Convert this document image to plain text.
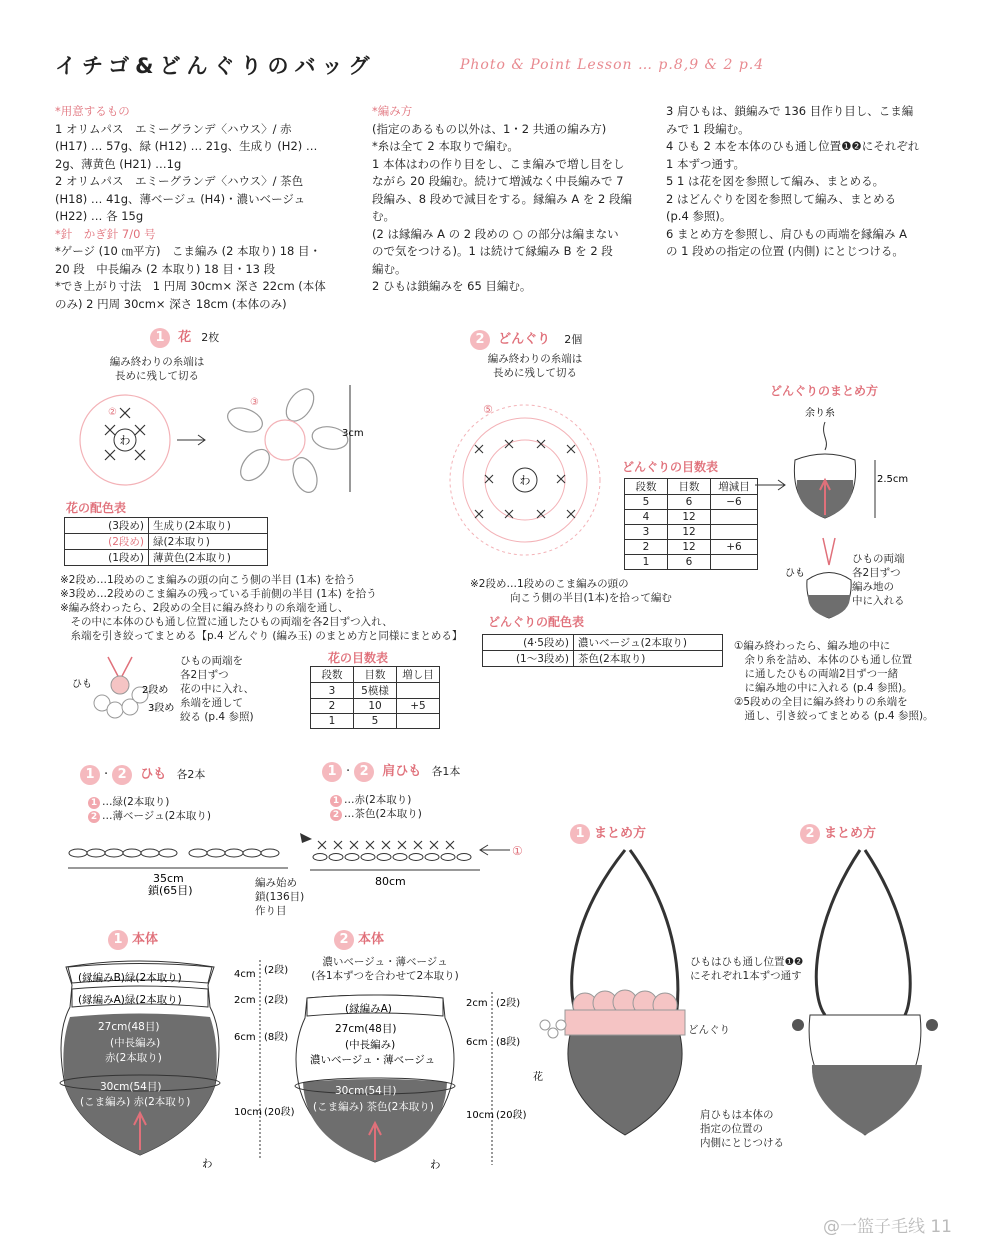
イチゴ&どんぐりのバッグ	Photo & Point Lesson … p.8,9 & 2 p.4

*用意するもの

1 オリムパス　エミーグランデ〈ハウス〉/ 赤

(H17) … 57g、緑 (H12) … 21g、生成り (H2) …

2g、薄黄色 (H21) …1g

2 オリムパス　エミーグランデ〈ハウス〉/ 茶色

(H18) … 41g、薄ベージュ (H4)・濃いベージュ

(H22) … 各 15g

*針　かぎ針 7/0 号

*ゲージ (10 ㎝平方)　こま編み (2 本取り) 18 目・

20 段　中長編み (2 本取り) 18 目・13 段

*でき上がり寸法　1 円周 30cm× 深さ 22cm (本体

のみ) 2 円周 30cm× 深さ 18cm (本体のみ)

*編み方

(指定のあるもの以外は、1・2 共通の編み方)

*糸は全て 2 本取りで編む。

1 本体はわの作り目をし、こま編みで増し目をし

ながら 20 段編む。続けて増減なく中長編みで 7

段編み、8 段めで減目をする。縁編み A を 2 段編む。

(2 は縁編み A の 2 段めの ○ の部分は編まない

ので気をつける)。1 は続けて縁編み B を 2 段

編む。

2 ひもは鎖編みを 65 目編む。

3 肩ひもは、鎖編みで 136 目作り目し、こま編

みで 1 段編む。

4 ひも 2 本を本体のひも通し位置❶❷にそれぞれ

1 本ずつ通す。

5 1 は花を図を参照して編み、まとめる。

2 はどんぐりを図を参照して編み、まとめる

(p.4 参照)。

6 まとめ方を参照し、肩ひもの両端を縁編み A

の 1 段めの指定の位置 (内側) にとじつける。

1 花 2枚
編み終わりの糸端は
長めに残して切る
わ
②
③
3cm
花の配色表
(3段め)	生成り(2本取り)
(2段め)	緑(2本取り)
(1段め)	薄黄色(2本取り)
※2段め…1段めのこま編みの頭の向こう側の半目 (1本) を拾う
※3段め…2段めのこま編みの残っている手前側の半目 (1本) を拾う
※編み終わったら、2段めの全目に編み終わりの糸端を通し、
　その中に本体のひも通し位置に通したひもの両端を各2目ずつ入れ、
　糸端を引き絞ってまとめる【p.4 どんぐり (編み玉) のまとめ方と同様にまとめる】
ひも
2段め
3段め
ひもの両端を
各2目ずつ
花の中に入れ、
糸端を通して
絞る (p.4 参照)
花の目数表
段数	目数	増し目
3	5模様	
2	10	+5
1	5	
2 どんぐり 2個
編み終わりの糸端は
長めに残して切る
わ
⑤
どんぐりの目数表
段数	目数	増減目
5	6	−6
4	12	
3	12	
2	12	+6
1	6	
※2段め…1段めのこま編みの頭の
向こう側の半目(1本)を拾って編む
どんぐりの配色表
(4·5段め)	濃いベージュ(2本取り)
(1〜3段め)	茶色(2本取り)
どんぐりのまとめ方
余り糸
2.5cm
ひも
ひもの両端
各2目ずつ
編み地の
中に入れる
①編み終わったら、編み地の中に
　余り糸を詰め、本体のひも通し位置
　に通したひもの両端2目ずつ一緒
　に編み地の中に入れる (p.4 参照)。
②5段めの全目に編み終わりの糸端を
　通し、引き絞ってまとめる (p.4 参照)。
1 · 2 ひも 各2本
1 …緑(2本取り)
2 …薄ベージュ(2本取り)
35cm
鎖(65目)
1 · 2 肩ひも 各1本
1 …赤(2本取り)
2 …茶色(2本取り)
80cm
①
編み始め
鎖(136目)
作り目
1 本体
(縁編みB)緑(2本取り)
(縁編みA)緑(2本取り)
27cm(48目)
(中長編み)
赤(2本取り)
30cm(54目)
(こま編み) 赤(2本取り)
わ
4cm (2段)
2cm (2段)
6cm (8段)
10cm (20段)
2 本体
濃いベージュ・薄ベージュ
(各1本ずつを合わせて2本取り)
(縁編みA)
27cm(48目)
(中長編み)
濃いベージュ・薄ベージュ
30cm(54目)
(こま編み) 茶色(2本取り)
わ
2cm (2段)
6cm (8段)
10cm (20段)
1 まとめ方
花
2 まとめ方
どんぐり
ひもはひも通し位置❶❷
にそれぞれ1本ずつ通す
肩ひもは本体の
指定の位置の
内側にとじつける
@一篮子毛线 11
